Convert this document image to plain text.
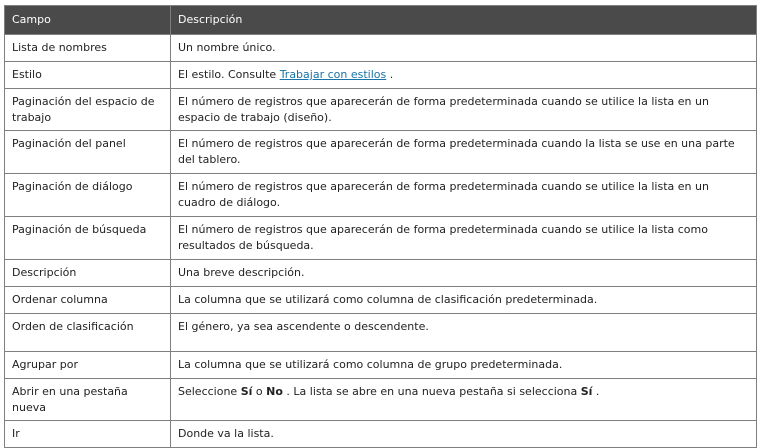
Campo	Descripción
Lista de nombres	Un nombre único.
Estilo	El estilo. Consulte Trabajar con estilos .
Paginación del espacio de trabajo	El número de registros que aparecerán de forma predeterminada cuando se utilice la lista en un espacio de trabajo (diseño).
Paginación del panel	El número de registros que aparecerán de forma predeterminada cuando la lista se use en una parte del tablero.
Paginación de diálogo	El número de registros que aparecerán de forma predeterminada cuando se utilice la lista en un cuadro de diálogo.
Paginación de búsqueda	El número de registros que aparecerán de forma predeterminada cuando se utilice la lista como resultados de búsqueda.
Descripción	Una breve descripción.
Ordenar columna	La columna que se utilizará como columna de clasificación predeterminada.
Orden de clasificación	El género, ya sea ascendente o descendente.
Agrupar por	La columna que se utilizará como columna de grupo predeterminada.
Abrir en una pestaña nueva	Seleccione Sí o No . La lista se abre en una nueva pestaña si selecciona Sí .
Ir	Donde va la lista.
